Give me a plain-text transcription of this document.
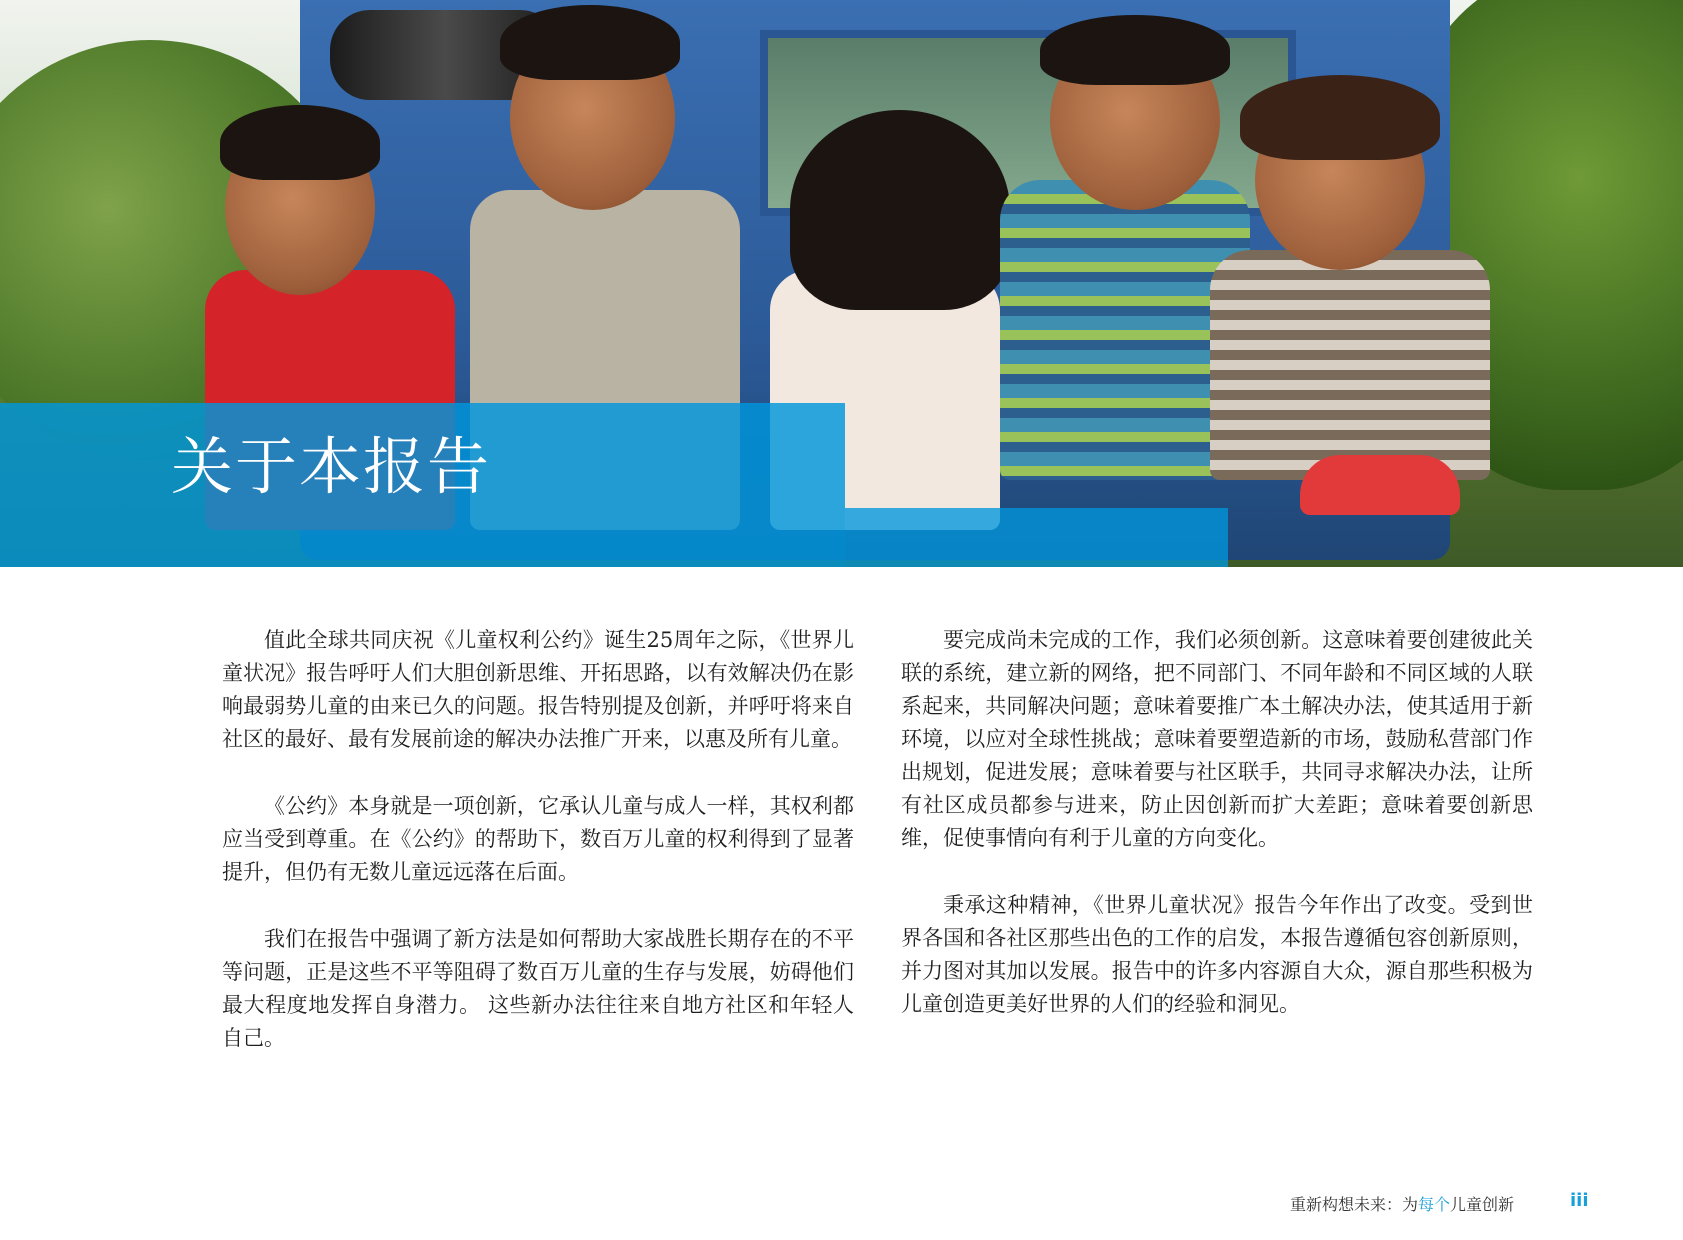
关于本报告

值此全球共同庆祝《儿童权利公约》诞生25周年之际，《世界儿童状况》报告呼吁人们大胆创新思维、开拓思路，以有效解决仍在影响最弱势儿童的由来已久的问题。报告特别提及创新，并呼吁将来自社区的最好、最有发展前途的解决办法推广开来，以惠及所有儿童。

《公约》本身就是一项创新，它承认儿童与成人一样，其权利都应当受到尊重。在《公约》的帮助下，数百万儿童的权利得到了显著提升，但仍有无数儿童远远落在后面。

我们在报告中强调了新方法是如何帮助大家战胜长期存在的不平等问题，正是这些不平等阻碍了数百万儿童的生存与发展，妨碍他们最大程度地发挥自身潜力。 这些新办法往往来自地方社区和年轻人自己。

要完成尚未完成的工作，我们必须创新。这意味着要创建彼此关联的系统，建立新的网络，把不同部门、不同年龄和不同区域的人联系起来，共同解决问题；意味着要推广本土解决办法，使其适用于新环境，以应对全球性挑战；意味着要塑造新的市场，鼓励私营部门作出规划，促进发展；意味着要与社区联手，共同寻求解决办法，让所有社区成员都参与进来，防止因创新而扩大差距；意味着要创新思维，促使事情向有利于儿童的方向变化。

秉承这种精神，《世界儿童状况》报告今年作出了改变。受到世界各国和各社区那些出色的工作的启发，本报告遵循包容创新原则，并力图对其加以发展。报告中的许多内容源自大众，源自那些积极为儿童创造更美好世界的人们的经验和洞见。

重新构想未来：为每个儿童创新	iii
